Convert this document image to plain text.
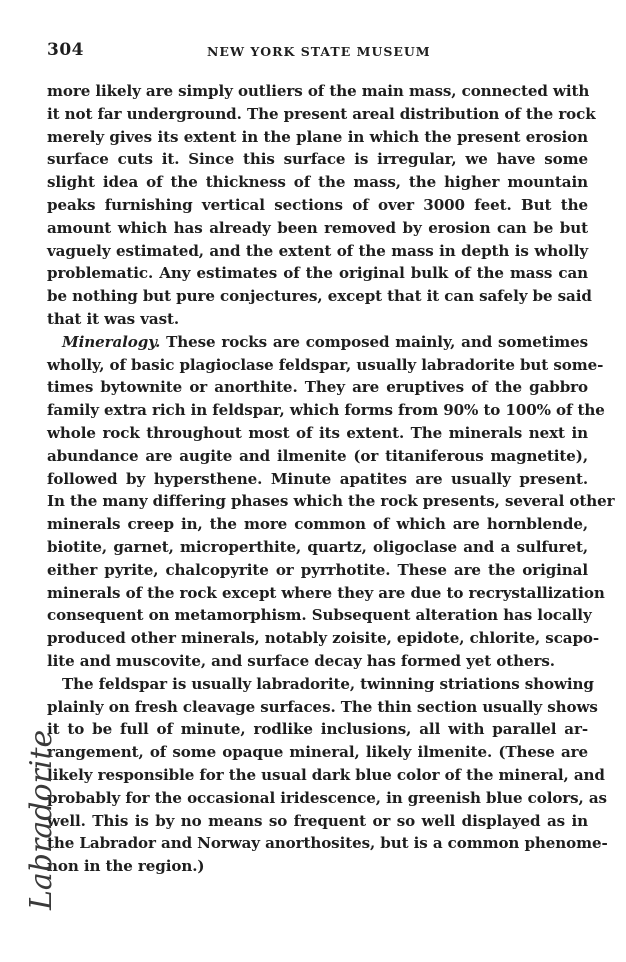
304	NEW YORK STATE MUSEUM
more likely are simply outliers of the main mass, connected with
it not far underground. The present areal distribution of the rock
merely gives its extent in the plane in which the present erosion
surface cuts it. Since this surface is irregular, we have some
slight idea of the thickness of the mass, the higher mountain
peaks furnishing vertical sections of over 3000 feet. But the
amount which has already been removed by erosion can be but
vaguely estimated, and the extent of the mass in depth is wholly
problematic. Any estimates of the original bulk of the mass can
be nothing but pure conjectures, except that it can safely be said
that it was vast.
Mineralogy. These rocks are composed mainly, and sometimes
wholly, of basic plagioclase feldspar, usually labradorite but some-
times bytownite or anorthite. They are eruptives of the gabbro
family extra rich in feldspar, which forms from 90% to 100% of the
whole rock throughout most of its extent. The minerals next in
abundance are augite and ilmenite (or titaniferous magnetite),
followed by hypersthene. Minute apatites are usually present.
In the many differing phases which the rock presents, several other
minerals creep in, the more common of which are hornblende,
biotite, garnet, microperthite, quartz, oligoclase and a sulfuret,
either pyrite, chalcopyrite or pyrrhotite. These are the original
minerals of the rock except where they are due to recrystallization
consequent on metamorphism. Subsequent alteration has locally
produced other minerals, notably zoisite, epidote, chlorite, scapo-
lite and muscovite, and surface decay has formed yet others.
The feldspar is usually labradorite, twinning striations showing
plainly on fresh cleavage surfaces. The thin section usually shows
it to be full of minute, rodlike inclusions, all with parallel ar-
rangement, of some opaque mineral, likely ilmenite. (These are
likely responsible for the usual dark blue color of the mineral, and
probably for the occasional iridescence, in greenish blue colors, as
well. This is by no means so frequent or so well displayed as in
the Labrador and Norway anorthosites, but is a common phenome-
non in the region.)
Labradorite
